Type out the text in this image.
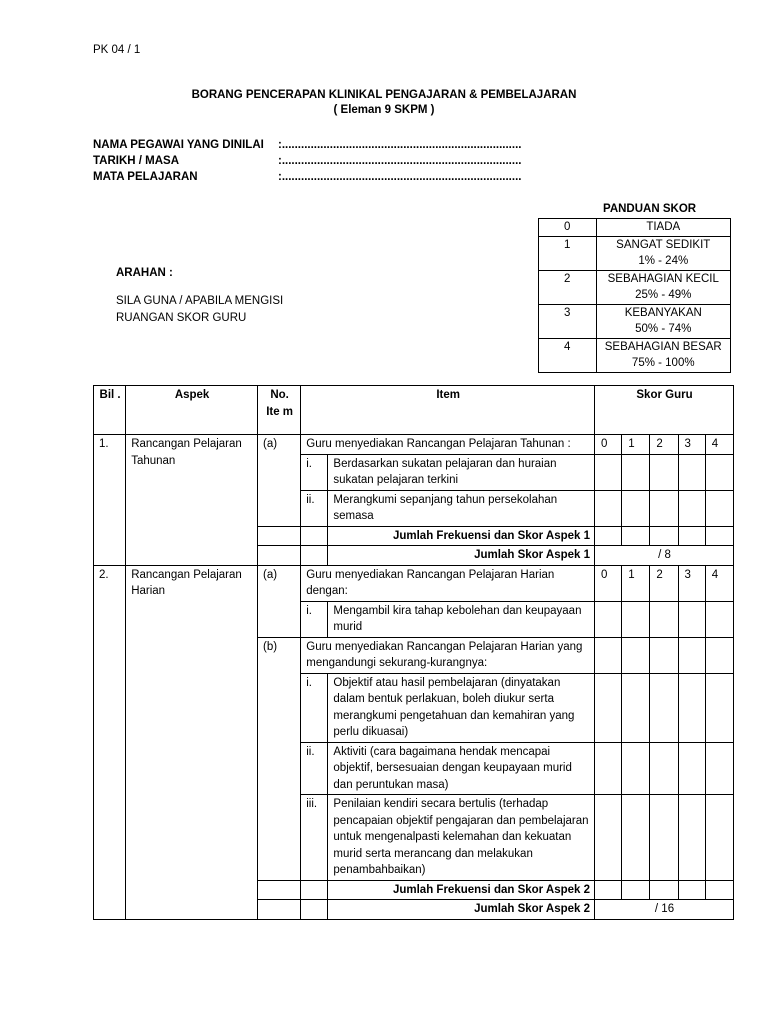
PK 04 / 1
BORANG PENCERAPAN KLINIKAL PENGAJARAN & PEMBELAJARAN
( Eleman 9 SKPM )
NAMA PEGAWAI YANG DINILAI
TARIKH / MASA
MATA PELAJARAN
:...........................................................................
:...........................................................................
:...........................................................................
ARAHAN :
SILA GUNA / APABILA MENGISI
RUANGAN SKOR GURU
PANDUAN SKOR
0	TIADA
1	SANGAT SEDIKIT
1% - 24%

2	SEBAHAGIAN KECIL
25% - 49%

3	KEBANYAKAN
50% - 74%

4	SEBAHAGIAN BESAR
75% - 100%
Bil .	Aspek	No. Ite m	Item		Skor Guru				
1.	Rancangan Pelajaran Tahunan	(a)	Guru menyediakan Rancangan Pelajaran Tahunan :		0	1	2	3	4
			i.	Berdasarkan sukatan pelajaran dan huraian sukatan pelajaran terkini					
			ii.	Merangkumi sepanjang tahun persekolahan semasa					
				Jumlah Frekuensi dan Skor Aspek 1					
				Jumlah Skor Aspek 1	/ 8				
2.	Rancangan Pelajaran Harian	(a)	Guru menyediakan Rancangan Pelajaran Harian dengan:		0	1	2	3	4
			i.	Mengambil kira tahap kebolehan dan keupayaan murid					
		(b)	Guru menyediakan Rancangan Pelajaran Harian yang mengandungi sekurang-kurangnya:						
			i.	Objektif atau hasil pembelajaran (dinyatakan dalam bentuk perlakuan, boleh diukur serta merangkumi pengetahuan dan kemahiran yang perlu dikuasai)					
			ii.	Aktiviti (cara bagaimana hendak mencapai objektif, bersesuaian dengan keupayaan murid dan peruntukan masa)					
			iii.	Penilaian kendiri secara bertulis (terhadap pencapaian objektif pengajaran dan pembelajaran untuk mengenalpasti kelemahan dan kekuatan murid serta merancang dan melakukan penambahbaikan)					
				Jumlah Frekuensi dan Skor Aspek 2					
				Jumlah Skor Aspek 2	/ 16				
